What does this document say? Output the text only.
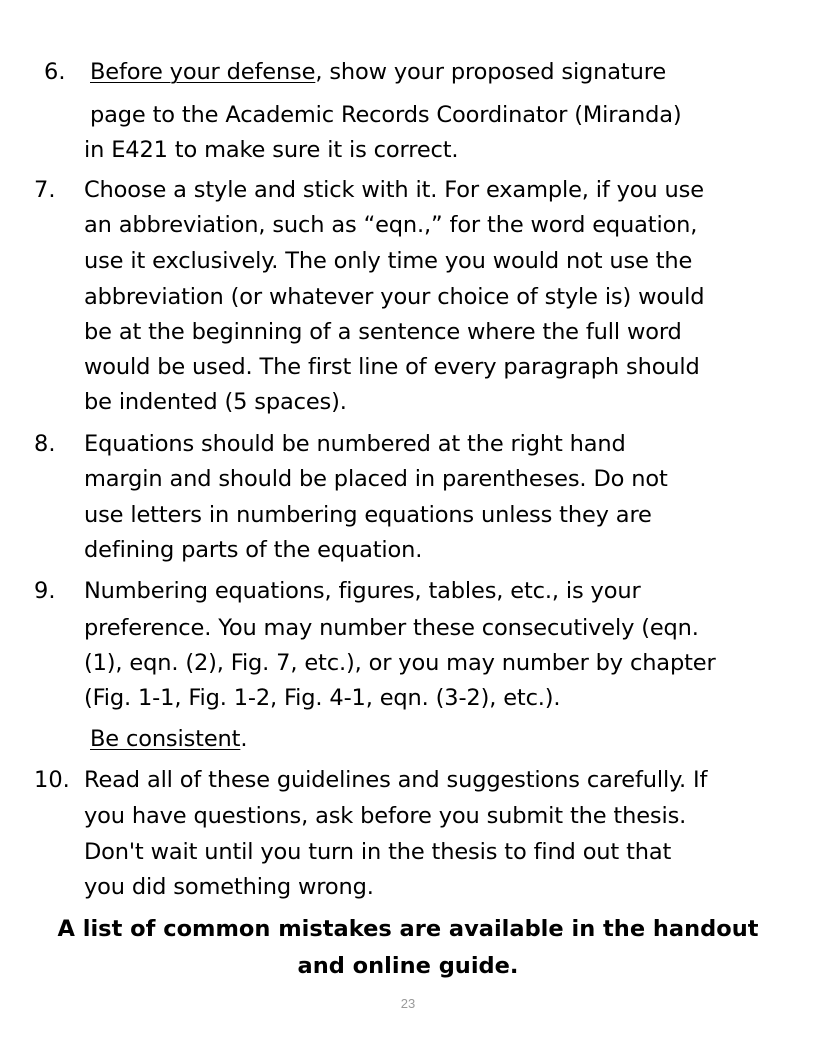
6. Before your defense, show your proposed signature
page to the Academic Records Coordinator (Miranda)
in E421 to make sure it is correct.
7. Choose a style and stick with it. For example, if you use
an abbreviation, such as “eqn.,” for the word equation,
use it exclusively. The only time you would not use the
abbreviation (or whatever your choice of style is) would
be at the beginning of a sentence where the full word
would be used. The first line of every paragraph should
be indented (5 spaces).
8. Equations should be numbered at the right hand
margin and should be placed in parentheses. Do not
use letters in numbering equations unless they are
defining parts of the equation.
9. Numbering equations, figures, tables, etc., is your
preference. You may number these consecutively (eqn.
(1), eqn. (2), Fig. 7, etc.), or you may number by chapter
(Fig. 1-1, Fig. 1-2, Fig. 4-1, eqn. (3-2), etc.).
Be consistent.
10. Read all of these guidelines and suggestions carefully. If
you have questions, ask before you submit the thesis.
Don't wait until you turn in the thesis to find out that
you did something wrong.
A list of common mistakes are available in the handout
and online guide.
23
